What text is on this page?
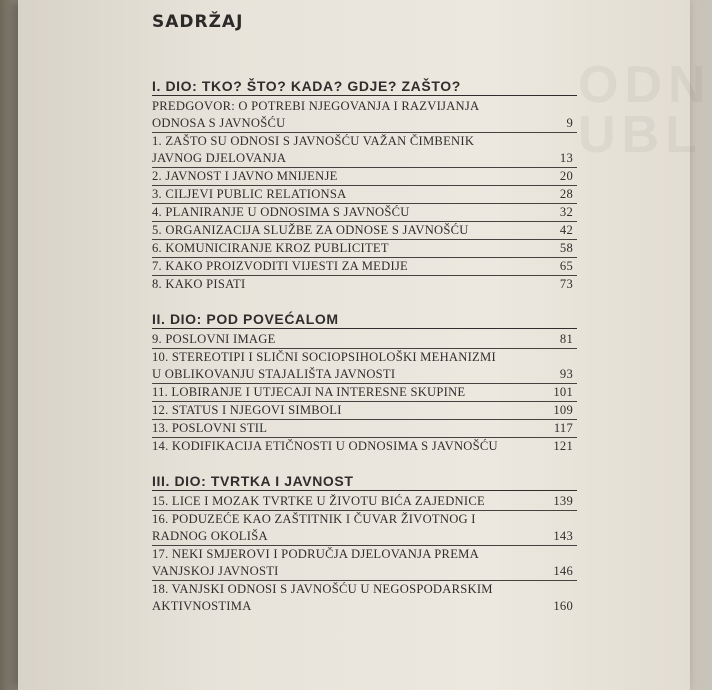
ODN
UBL
SADRŽAJ
I. DIO: TKO? ŠTO? KADA? GDJE? ZAŠTO?
PREDGOVOR: O POTREBI NJEGOVANJA I RAZVIJANJA
ODNOSA S JAVNOŠĆU	9
1. ZAŠTO SU ODNOSI S JAVNOŠĆU VAŽAN ČIMBENIK
JAVNOG DJELOVANJA	13
2. JAVNOST I JAVNO MNIJENJE	20
3. CILJEVI PUBLIC RELATIONSA	28
4. PLANIRANJE U ODNOSIMA S JAVNOŠĆU	32
5. ORGANIZACIJA SLUŽBE ZA ODNOSE S JAVNOŠĆU	42
6. KOMUNICIRANJE KROZ PUBLICITET	58
7. KAKO PROIZVODITI VIJESTI ZA MEDIJE	65
8. KAKO PISATI	73
II. DIO: POD POVEĆALOM
9. POSLOVNI IMAGE	81
10. STEREOTIPI I SLIČNI SOCIOPSIHOLOŠKI MEHANIZMI
U OBLIKOVANJU STAJALIŠTA JAVNOSTI	93
11. LOBIRANJE I UTJECAJI NA INTERESNE SKUPINE	101
12. STATUS I NJEGOVI SIMBOLI	109
13. POSLOVNI STIL	117
14. KODIFIKACIJA ETIČNOSTI U ODNOSIMA S JAVNOŠĆU	121
III. DIO: TVRTKA I JAVNOST
15. LICE I MOZAK TVRTKE U ŽIVOTU BIĆA ZAJEDNICE	139
16. PODUZEĆE KAO ZAŠTITNIK I ČUVAR ŽIVOTNOG I
RADNOG OKOLIŠA	143
17. NEKI SMJEROVI I PODRUČJA DJELOVANJA PREMA
VANJSKOJ JAVNOSTI	146
18. VANJSKI ODNOSI S JAVNOŠĆU U NEGOSPODARSKIM
AKTIVNOSTIMA	160
